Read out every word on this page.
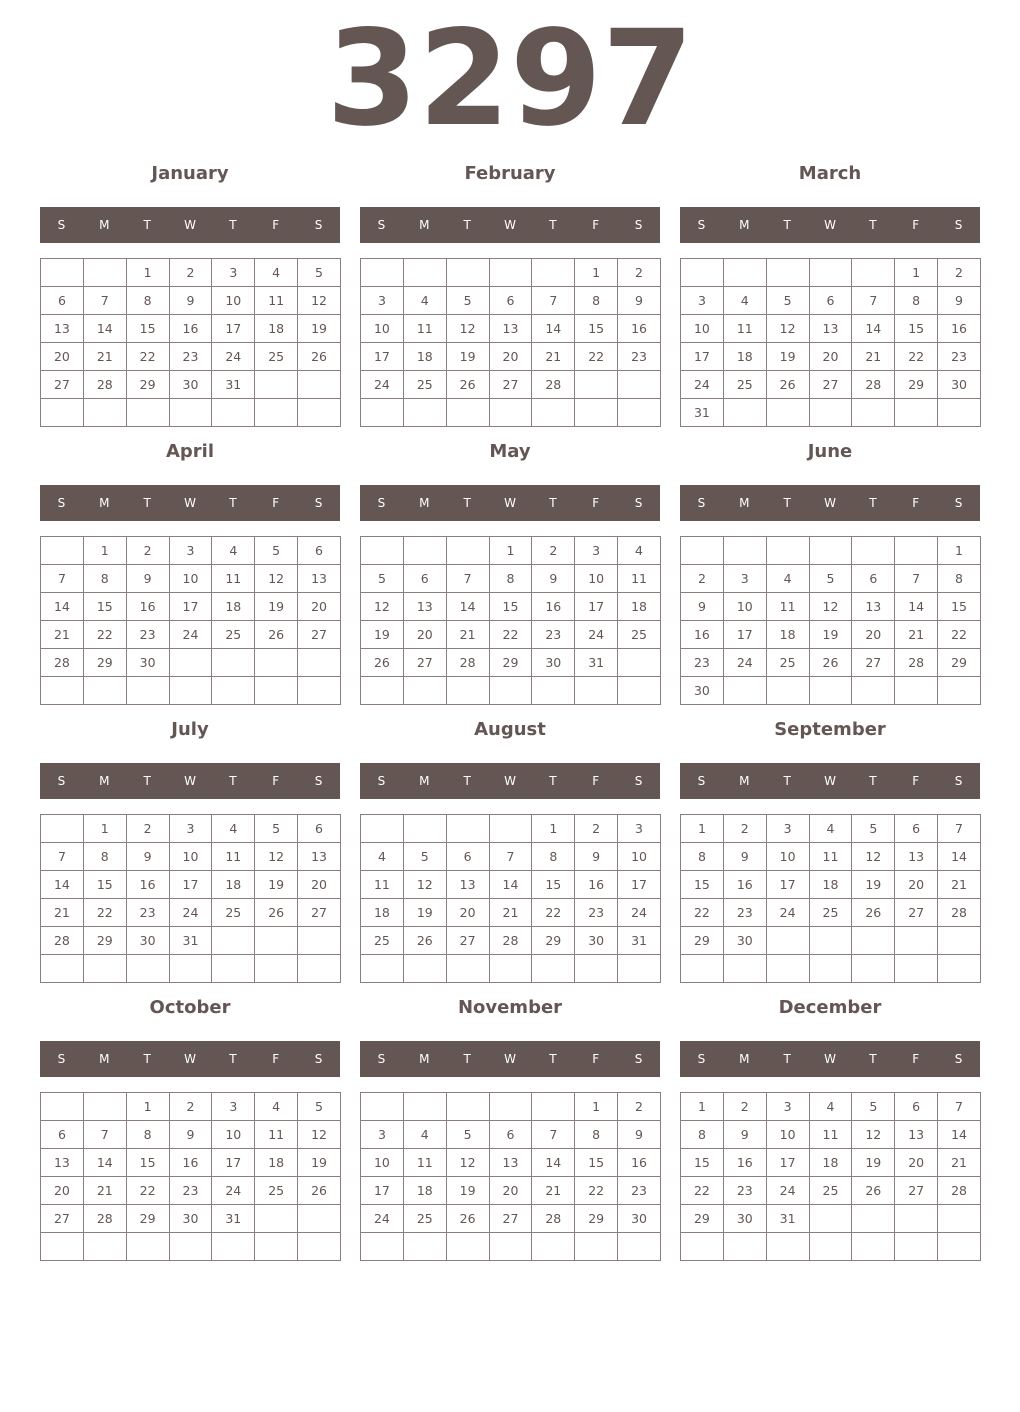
3297
January
S	M	T	W	T	F	S
		1	2	3	4	5
6	7	8	9	10	11	12
13	14	15	16	17	18	19
20	21	22	23	24	25	26
27	28	29	30	31		

February
S	M	T	W	T	F	S
					1	2
3	4	5	6	7	8	9
10	11	12	13	14	15	16
17	18	19	20	21	22	23
24	25	26	27	28		

March
S	M	T	W	T	F	S
					1	2
3	4	5	6	7	8	9
10	11	12	13	14	15	16
17	18	19	20	21	22	23
24	25	26	27	28	29	30
31						
April
S	M	T	W	T	F	S
	1	2	3	4	5	6
7	8	9	10	11	12	13
14	15	16	17	18	19	20
21	22	23	24	25	26	27
28	29	30				

May
S	M	T	W	T	F	S
			1	2	3	4
5	6	7	8	9	10	11
12	13	14	15	16	17	18
19	20	21	22	23	24	25
26	27	28	29	30	31	

June
S	M	T	W	T	F	S
						1
2	3	4	5	6	7	8
9	10	11	12	13	14	15
16	17	18	19	20	21	22
23	24	25	26	27	28	29
30						
July
S	M	T	W	T	F	S
	1	2	3	4	5	6
7	8	9	10	11	12	13
14	15	16	17	18	19	20
21	22	23	24	25	26	27
28	29	30	31			

August
S	M	T	W	T	F	S
				1	2	3
4	5	6	7	8	9	10
11	12	13	14	15	16	17
18	19	20	21	22	23	24
25	26	27	28	29	30	31

September
S	M	T	W	T	F	S
1	2	3	4	5	6	7
8	9	10	11	12	13	14
15	16	17	18	19	20	21
22	23	24	25	26	27	28
29	30					

October
S	M	T	W	T	F	S
		1	2	3	4	5
6	7	8	9	10	11	12
13	14	15	16	17	18	19
20	21	22	23	24	25	26
27	28	29	30	31		

November
S	M	T	W	T	F	S
					1	2
3	4	5	6	7	8	9
10	11	12	13	14	15	16
17	18	19	20	21	22	23
24	25	26	27	28	29	30

December
S	M	T	W	T	F	S
1	2	3	4	5	6	7
8	9	10	11	12	13	14
15	16	17	18	19	20	21
22	23	24	25	26	27	28
29	30	31				
